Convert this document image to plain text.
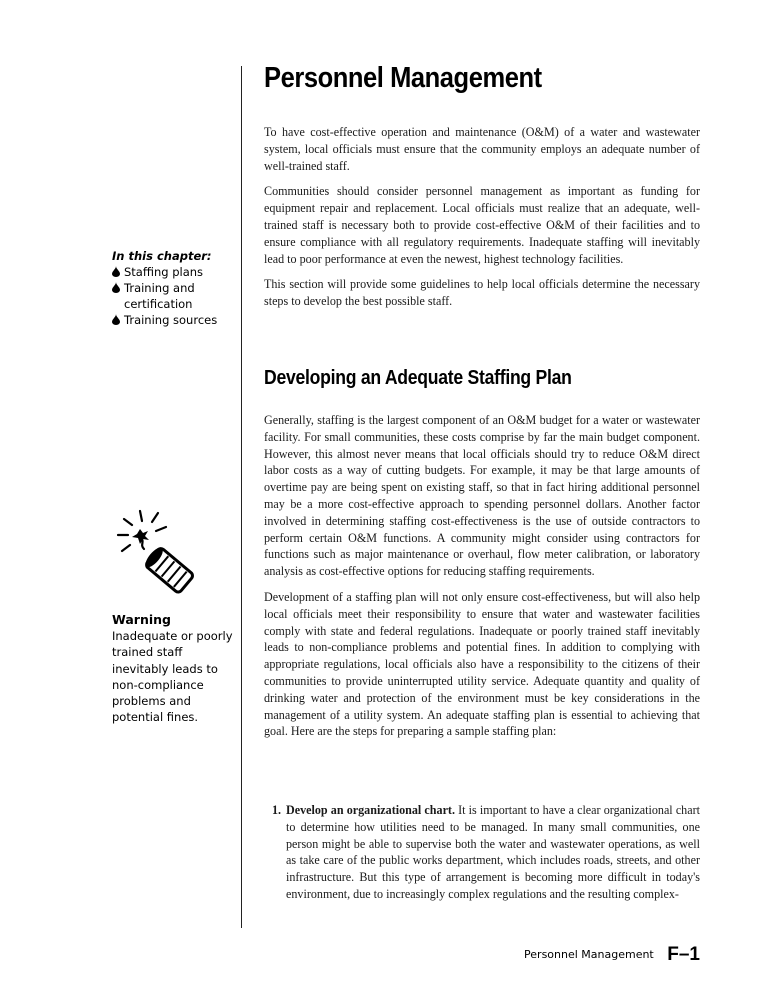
Personnel Management

To have cost-effective operation and maintenance (O&M) of a water and wastewater system, local officials must ensure that the community employs an adequate number of well-trained staff.

Communities should consider personnel management as important as funding for equipment repair and replacement. Local officials must realize that an adequate, well-trained staff is necessary both to provide cost-effective O&M of their facilities and to ensure compliance with all regulatory requirements. Inadequate staffing will inevitably lead to poor performance at even the newest, highest technology facilities.

This section will provide some guidelines to help local officials determine the necessary steps to develop the best possible staff.

Developing an Adequate Staffing Plan

Generally, staffing is the largest component of an O&M budget for a water or wastewater facility. For small communities, these costs comprise by far the main budget component. However, this almost never means that local officials should try to reduce O&M direct labor costs as a way of cutting budgets. For example, it may be that large amounts of overtime pay are being spent on existing staff, so that in fact hiring additional personnel may be a more cost-effective approach to spending personnel dollars. Another factor involved in determining staffing cost-effectiveness is the use of outside contractors to perform certain O&M functions. A community might consider using contractors for functions such as major maintenance or overhaul, flow meter calibration, or laboratory analysis as cost-effective options for reducing staffing requirements.

Development of a staffing plan will not only ensure cost-effectiveness, but will also help local officials meet their responsibility to ensure that water and wastewater facilities comply with state and federal regulations. Inadequate or poorly trained staff inevitably leads to non-compliance problems and potential fines. In addition to complying with appropriate regulations, local officials also have a responsibility to the citizens of their communities to provide uninterrupted utility service. Adequate quantity and quality of drinking water and protection of the environment must be key considerations in the management of a utility system. An adequate staffing plan is essential to achieving that goal. Here are the steps for preparing a sample staffing plan:

1. Develop an organizational chart. It is important to have a clear organizational chart to determine how utilities need to be managed. In many small communities, one person might be able to supervise both the water and wastewater operations, as well as take care of the public works department, which includes roads, streets, and other infrastructure. But this type of arrangement is becoming more difficult in today's environment, due to increasingly complex regulations and the resulting complex-
In this chapter:
Staffing plans
Training and certification
Training sources
Warning
Inadequate or poorly trained staff inevitably leads to non-compliance problems and potential fines.
Personnel Management F–1
